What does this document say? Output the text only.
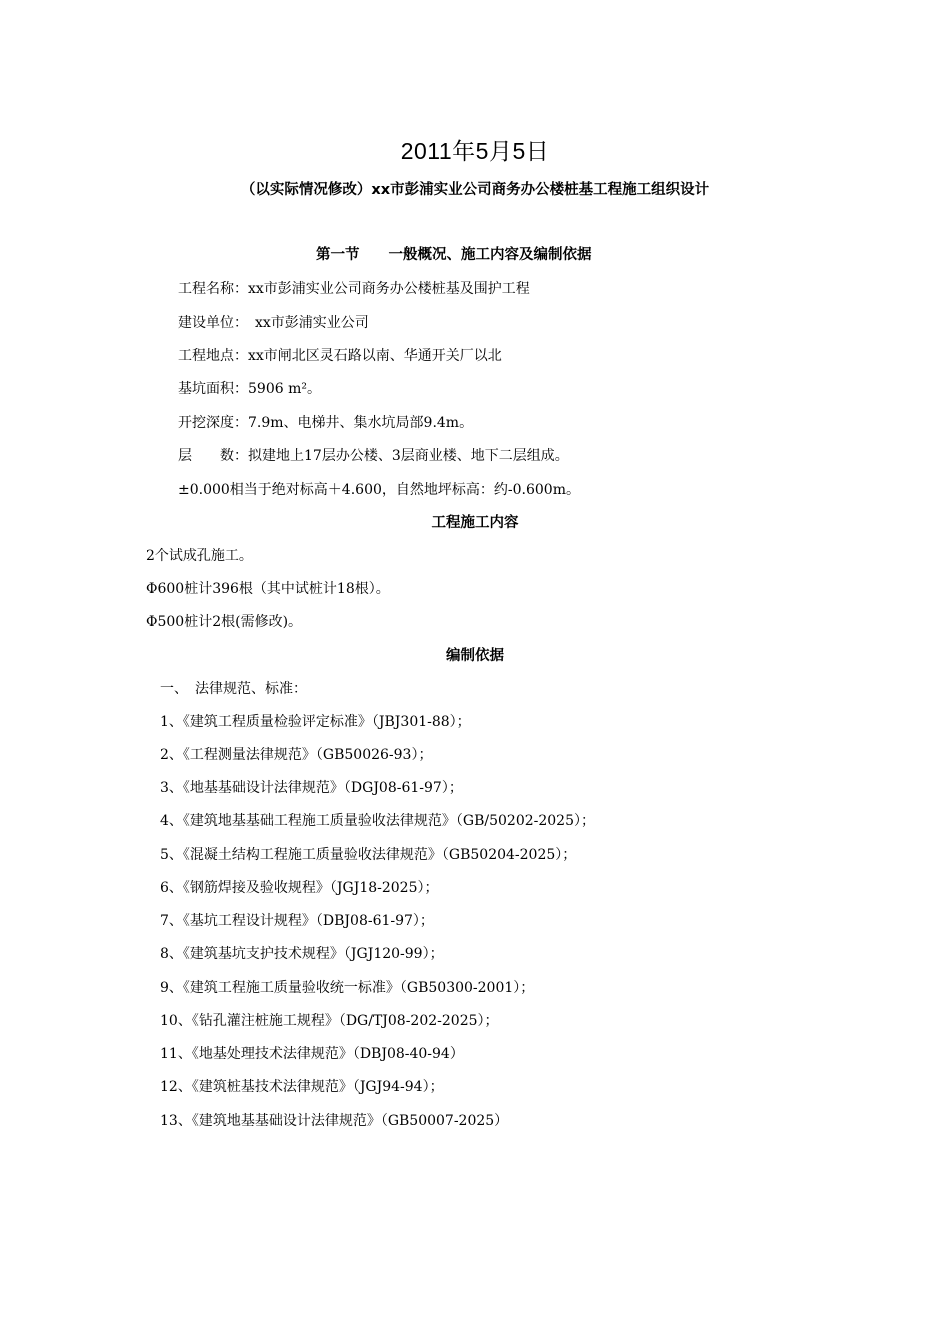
2011年5月5日
（以实际情况修改）xx市彭浦实业公司商务办公楼桩基工程施工组织设计
第一节　　一般概况、施工内容及编制依据
工程名称：xx市彭浦实业公司商务办公楼桩基及围护工程
建设单位：　xx市彭浦实业公司
工程地点：xx市闸北区灵石路以南、华通开关厂以北
基坑面积：5906 m²。
开挖深度：7.9m、电梯井、集水坑局部9.4m。
层　　数：拟建地上17层办公楼、3层商业楼、地下二层组成。
±0.000相当于绝对标高＋4.600，自然地坪标高：约-0.600m。
工程施工内容
2个试成孔施工。
Φ600桩计396根（其中试桩计18根）。
Φ500桩计2根(需修改)。
编制依据
一、　法律规范、标准：
1、《建筑工程质量检验评定标准》（JBJ301-88）；
2、《工程测量法律规范》（GB50026-93）；
3、《地基基础设计法律规范》（DGJ08-61-97）；
4、《建筑地基基础工程施工质量验收法律规范》（GB/50202-2025）；
5、《混凝土结构工程施工质量验收法律规范》（GB50204-2025）；
6、《钢筋焊接及验收规程》（JGJ18-2025）；
7、《基坑工程设计规程》（DBJ08-61-97）；
8、《建筑基坑支护技术规程》（JGJ120-99）；
9、《建筑工程施工质量验收统一标准》（GB50300-2001）；
10、《钻孔灌注桩施工规程》（DG/TJ08-202-2025）；
11、《地基处理技术法律规范》（DBJ08-40-94）
12、《建筑桩基技术法律规范》（JGJ94-94）；
13、《建筑地基基础设计法律规范》（GB50007-2025）
